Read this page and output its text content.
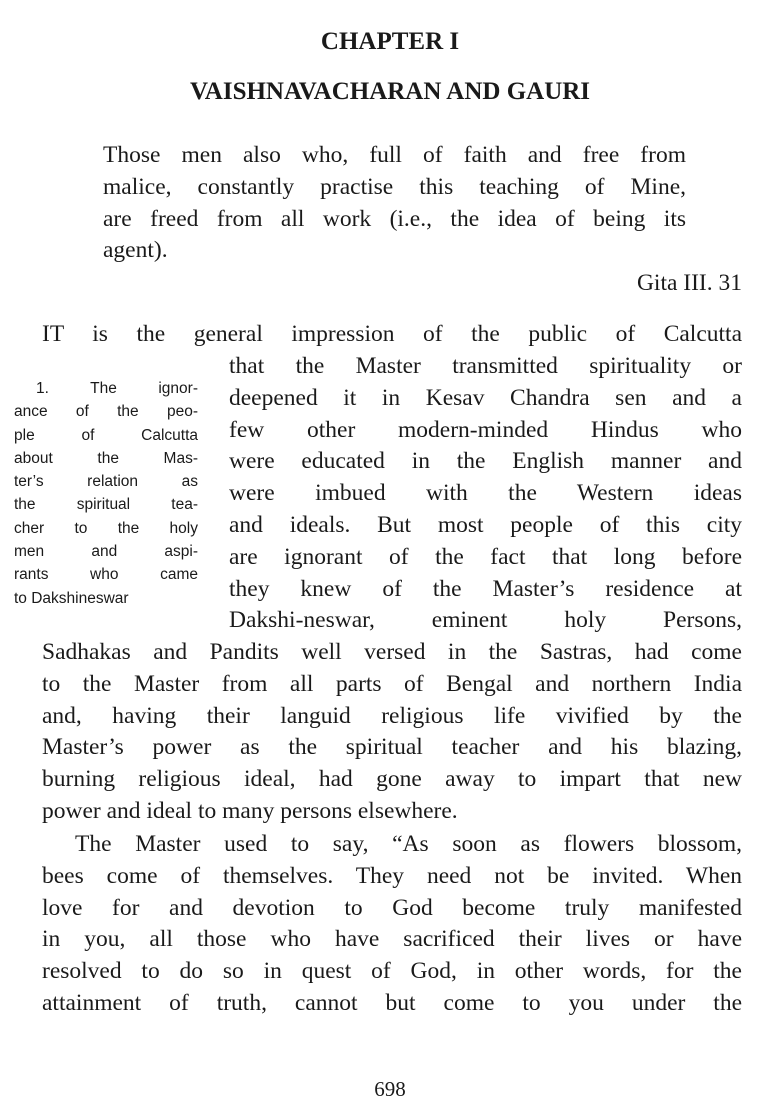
CHAPTER I
VAISHNAVACHARAN AND GAURI
Those men also who, full of faith and free from
malice, constantly practise this teaching of Mine,
are freed from all work (i.e., the idea of being its
agent).
Gita III. 31
IT is the general impression of the public of Calcutta
that the Master transmitted spirituality or
deepened it in Kesav Chandra sen and a
few other modern-minded Hindus who
were educated in the English manner and
were imbued with the Western ideas
and ideals. But most people of this city
are ignorant of the fact that long before
they knew of the Master’s residence at
Dakshi-neswar, eminent holy Persons,
Sadhakas and Pandits well versed in the Sastras, had come
to the Master from all parts of Bengal and northern India
and, having their languid religious life vivified by the
Master’s power as the spiritual teacher and his blazing,
burning religious ideal, had gone away to impart that new
power and ideal to many persons elsewhere.
1. The ignor-
ance of the peo-
ple of Calcutta
about the Mas-
ter’s relation as
the spiritual tea-
cher to the holy
men and aspi-
rants who came
to Dakshineswar
The Master used to say, “As soon as flowers blossom,
bees come of themselves. They need not be invited. When
love for and devotion to God become truly manifested
in you, all those who have sacrificed their lives or have
resolved to do so in quest of God, in other words, for the
attainment of truth, cannot but come to you under the
698
